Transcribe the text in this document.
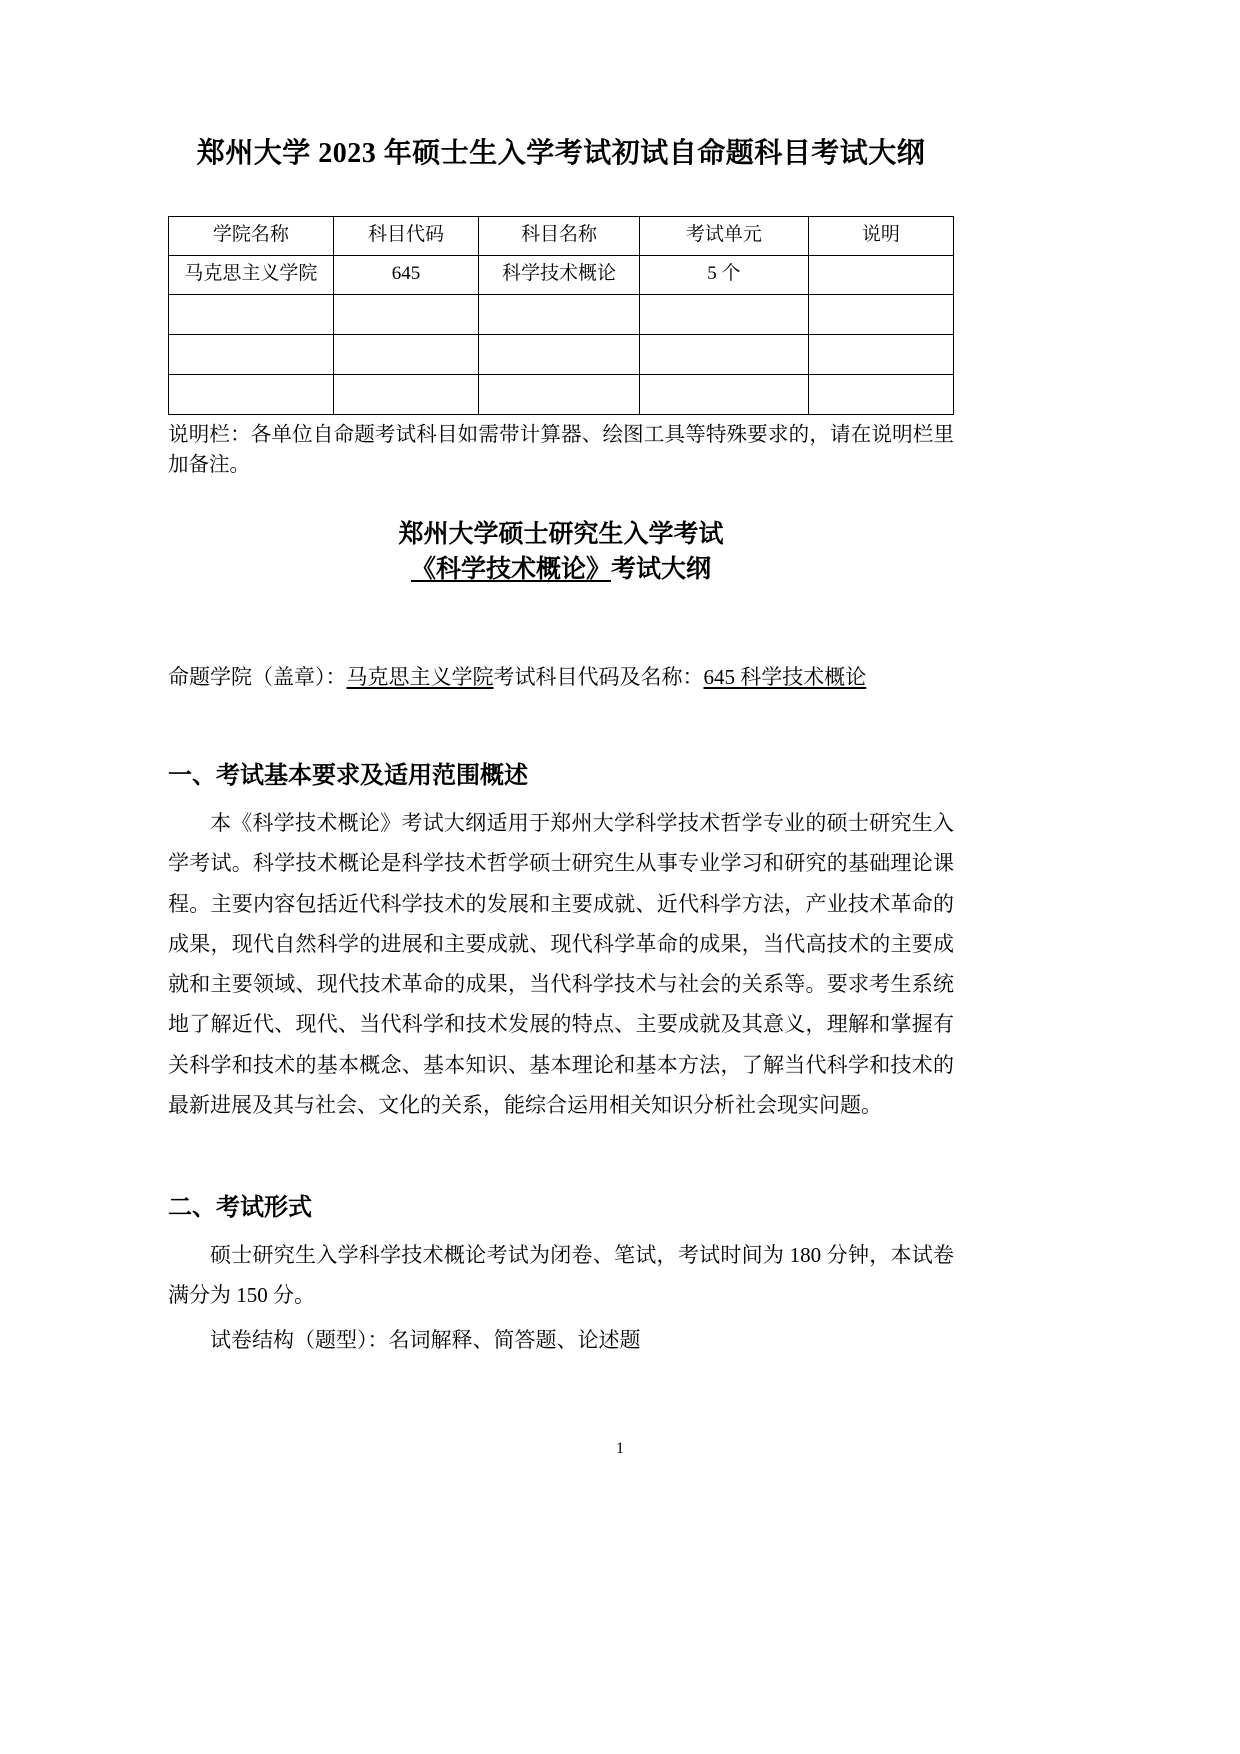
郑州大学 2023 年硕士生入学考试初试自命题科目考试大纲
学院名称	科目代码	科目名称	考试单元	说明
马克思主义学院	645	科学技术概论	5 个	

说明栏：各单位自命题考试科目如需带计算器、绘图工具等特殊要求的，请在说明栏里加备注。
郑州大学硕士研究生入学考试
《科学技术概论》考试大纲
命题学院（盖章）：马克思主义学院考试科目代码及名称：645 科学技术概论
一、考试基本要求及适用范围概述
本《科学技术概论》考试大纲适用于郑州大学科学技术哲学专业的硕士研究生入学考试。科学技术概论是科学技术哲学硕士研究生从事专业学习和研究的基础理论课程。主要内容包括近代科学技术的发展和主要成就、近代科学方法，产业技术革命的成果，现代自然科学的进展和主要成就、现代科学革命的成果，当代高技术的主要成就和主要领域、现代技术革命的成果，当代科学技术与社会的关系等。要求考生系统地了解近代、现代、当代科学和技术发展的特点、主要成就及其意义，理解和掌握有关科学和技术的基本概念、基本知识、基本理论和基本方法，了解当代科学和技术的最新进展及其与社会、文化的关系，能综合运用相关知识分析社会现实问题。
二、考试形式
硕士研究生入学科学技术概论考试为闭卷、笔试，考试时间为 180 分钟，本试卷满分为 150 分。
试卷结构（题型）：名词解释、简答题、论述题
1
